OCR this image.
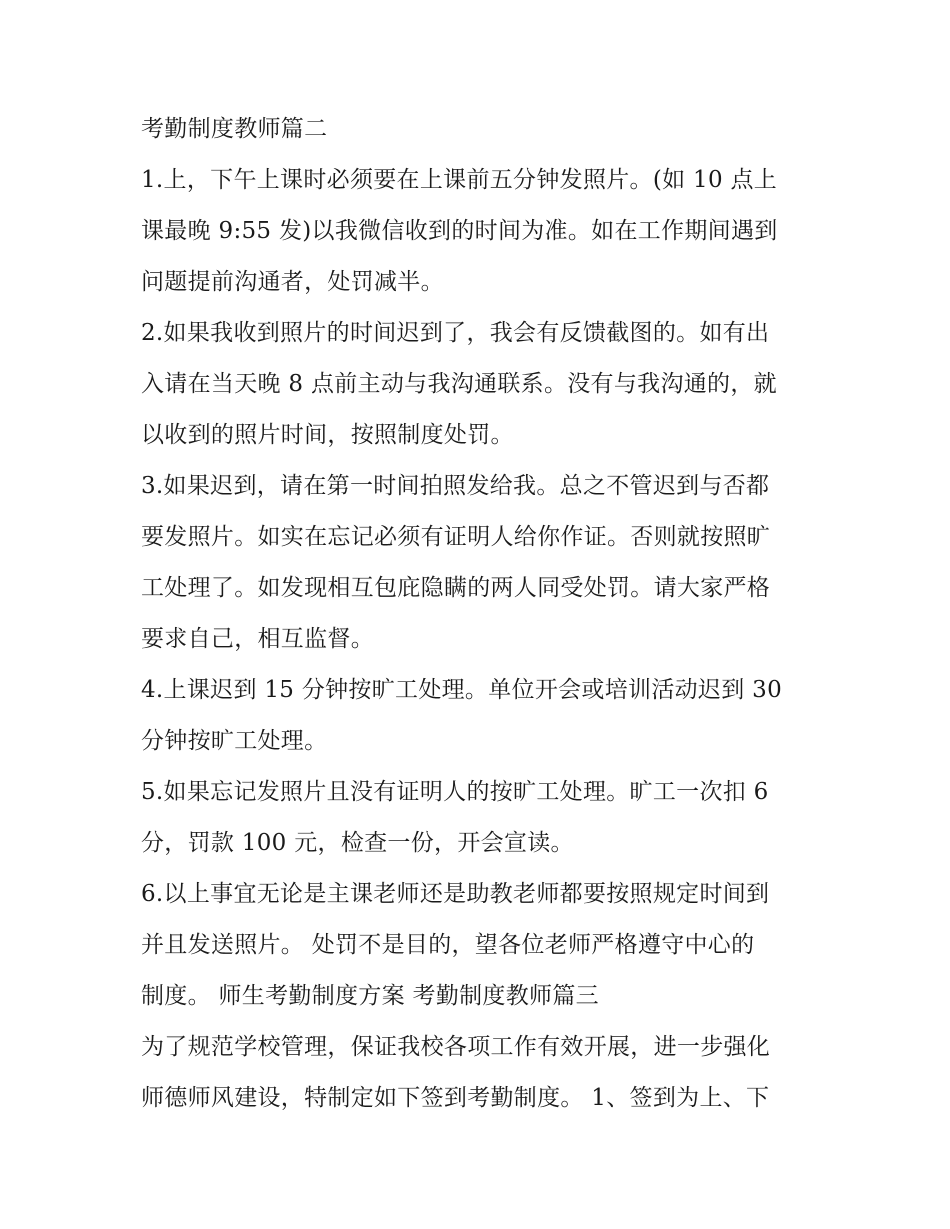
考勤制度教师篇二
1.上，下午上课时必须要在上课前五分钟发照片。(如 10 点上
课最晚 9:55 发)以我微信收到的时间为准。如在工作期间遇到
问题提前沟通者，处罚减半。
2.如果我收到照片的时间迟到了，我会有反馈截图的。如有出
入请在当天晚 8 点前主动与我沟通联系。没有与我沟通的，就
以收到的照片时间，按照制度处罚。
3.如果迟到，请在第一时间拍照发给我。总之不管迟到与否都
要发照片。如实在忘记必须有证明人给你作证。否则就按照旷
工处理了。如发现相互包庇隐瞒的两人同受处罚。请大家严格
要求自己，相互监督。
4.上课迟到 15 分钟按旷工处理。单位开会或培训活动迟到 30
分钟按旷工处理。
5.如果忘记发照片且没有证明人的按旷工处理。旷工一次扣 6
分，罚款 100 元，检查一份，开会宣读。
6.以上事宜无论是主课老师还是助教老师都要按照规定时间到
并且发送照片。 处罚不是目的，望各位老师严格遵守中心的
制度。 师生考勤制度方案 考勤制度教师篇三
为了规范学校管理，保证我校各项工作有效开展，进一步强化
师德师风建设，特制定如下签到考勤制度。 1、签到为上、下
